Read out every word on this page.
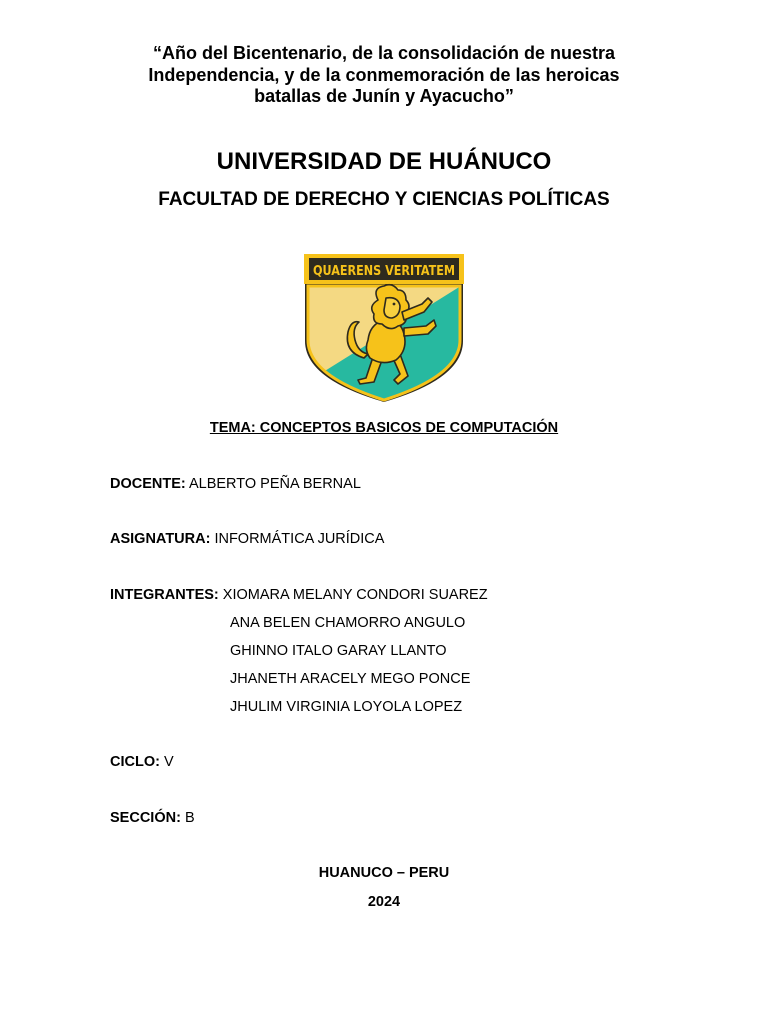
“Año del Bicentenario, de la consolidación de nuestra
Independencia, y de la conmemoración de las heroicas
batallas de Junín y Ayacucho”
UNIVERSIDAD DE HUÁNUCO
FACULTAD DE DERECHO Y CIENCIAS POLÍTICAS
QUAERENS VERITATEM
TEMA: CONCEPTOS BASICOS DE COMPUTACIÓN
DOCENTE: ALBERTO PEÑA BERNAL
ASIGNATURA: INFORMÁTICA JURÍDICA
INTEGRANTES: XIOMARA MELANY CONDORI SUAREZ
ANA BELEN CHAMORRO ANGULO
GHINNO ITALO GARAY LLANTO
JHANETH ARACELY MEGO PONCE
JHULIM VIRGINIA LOYOLA LOPEZ
CICLO: V
SECCIÓN: B
HUANUCO – PERU
2024
